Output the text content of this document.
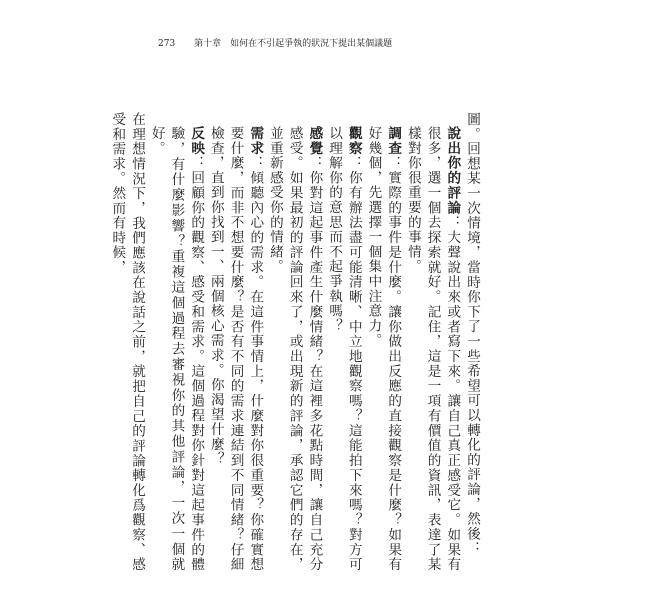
273 第十章　如何在不引起爭執的狀況下提出某個議題

圖。回想某一次情境，當時你下了一些希望可以轉化的評論，然後：

說出你的評論：大聲說出來或者寫下來。讓自己真正感受它。如果有很多，選一個去探索就好。記住，這是一項有價值的資訊，表達了某樣對你很重要的事情。

調查：實際的事件是什麼。讓你做出反應的直接觀察是什麼？如果有好幾個，先選擇一個集中注意力。

觀察：你有辦法盡可能清晰、中立地觀察嗎？這能拍下來嗎？對方可以理解你的意思而不起爭執嗎？

感覺：你對這起事件產生什麼情緒？在這裡多花點時間，讓自己充分感受。如果最初的評論回來了，或出現新的評論，承認它們的存在，並重新感受你的情緒。

需求：傾聽內心的需求。在這件事情上，什麼對你很重要？你確實想要什麼，而非不想要什麼？是否有不同的需求連結到不同情緒？仔細檢查，直到你找到一、兩個核心需求。你渴望什麼？

反映：回顧你的觀察、感受和需求。這個過程對你針對這起事件的體驗，有什麼影響？重複這個過程去審視你的其他評論，一次一個就好。

在理想情況下，我們應該在說話之前，就把自己的評論轉化爲觀察、感受和需求。然而有時候，
